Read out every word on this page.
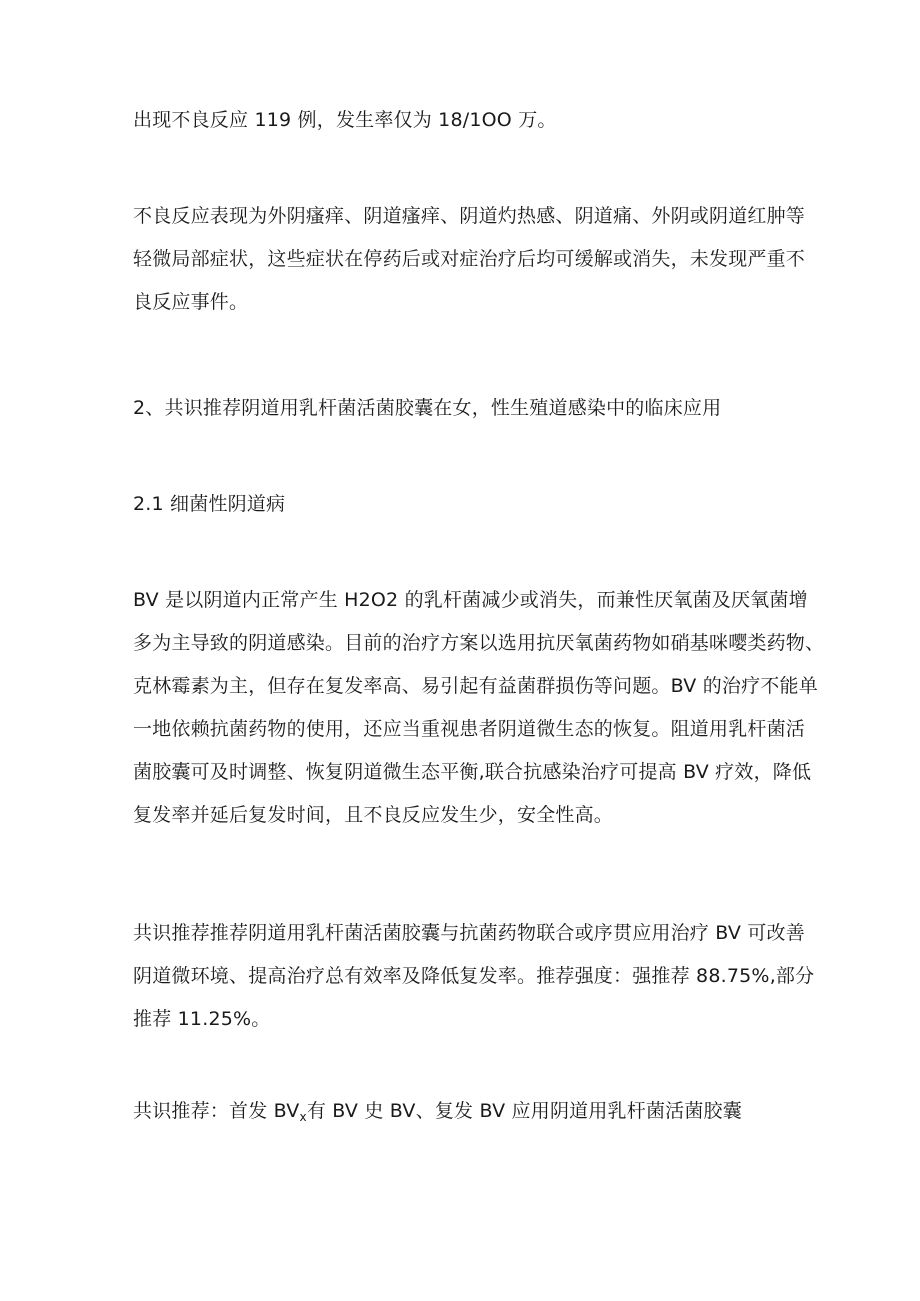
出现不良反应 119 例，发生率仅为 18/1OO 万。

不良反应表现为外阴瘙痒、阴道瘙痒、阴道灼热感、阴道痛、外阴或阴道红肿等
轻微局部症状，这些症状在停药后或对症治疗后均可缓解或消失，未发现严重不
良反应事件。

2、共识推荐阴道用乳杆菌活菌胶囊在女，性生殖道感染中的临床应用

2.1 细菌性阴道病

BV 是以阴道内正常产生 H2O2 的乳杆菌减少或消失，而兼性厌氧菌及厌氧菌增
多为主导致的阴道感染。目前的治疗方案以选用抗厌氧菌药物如硝基咪嘤类药物、
克林霉素为主，但存在复发率高、易引起有益菌群损伤等问题。BV 的治疗不能单
一地依赖抗菌药物的使用，还应当重视患者阴道微生态的恢复。阻道用乳杆菌活
菌胶囊可及时调整、恢复阴道微生态平衡,联合抗感染治疗可提高 BV 疗效，降低
复发率并延后复发时间，且不良反应发生少，安全性高。

共识推荐推荐阴道用乳杆菌活菌胶囊与抗菌药物联合或序贯应用治疗 BV 可改善
阴道微环境、提高治疗总有效率及降低复发率。推荐强度：强推荐 88.75%,部分
推荐 11.25%。

共识推荐：首发 $BV_x$有 BV 史 BV、复发 BV 应用阴道用乳杆菌活菌胶囊
